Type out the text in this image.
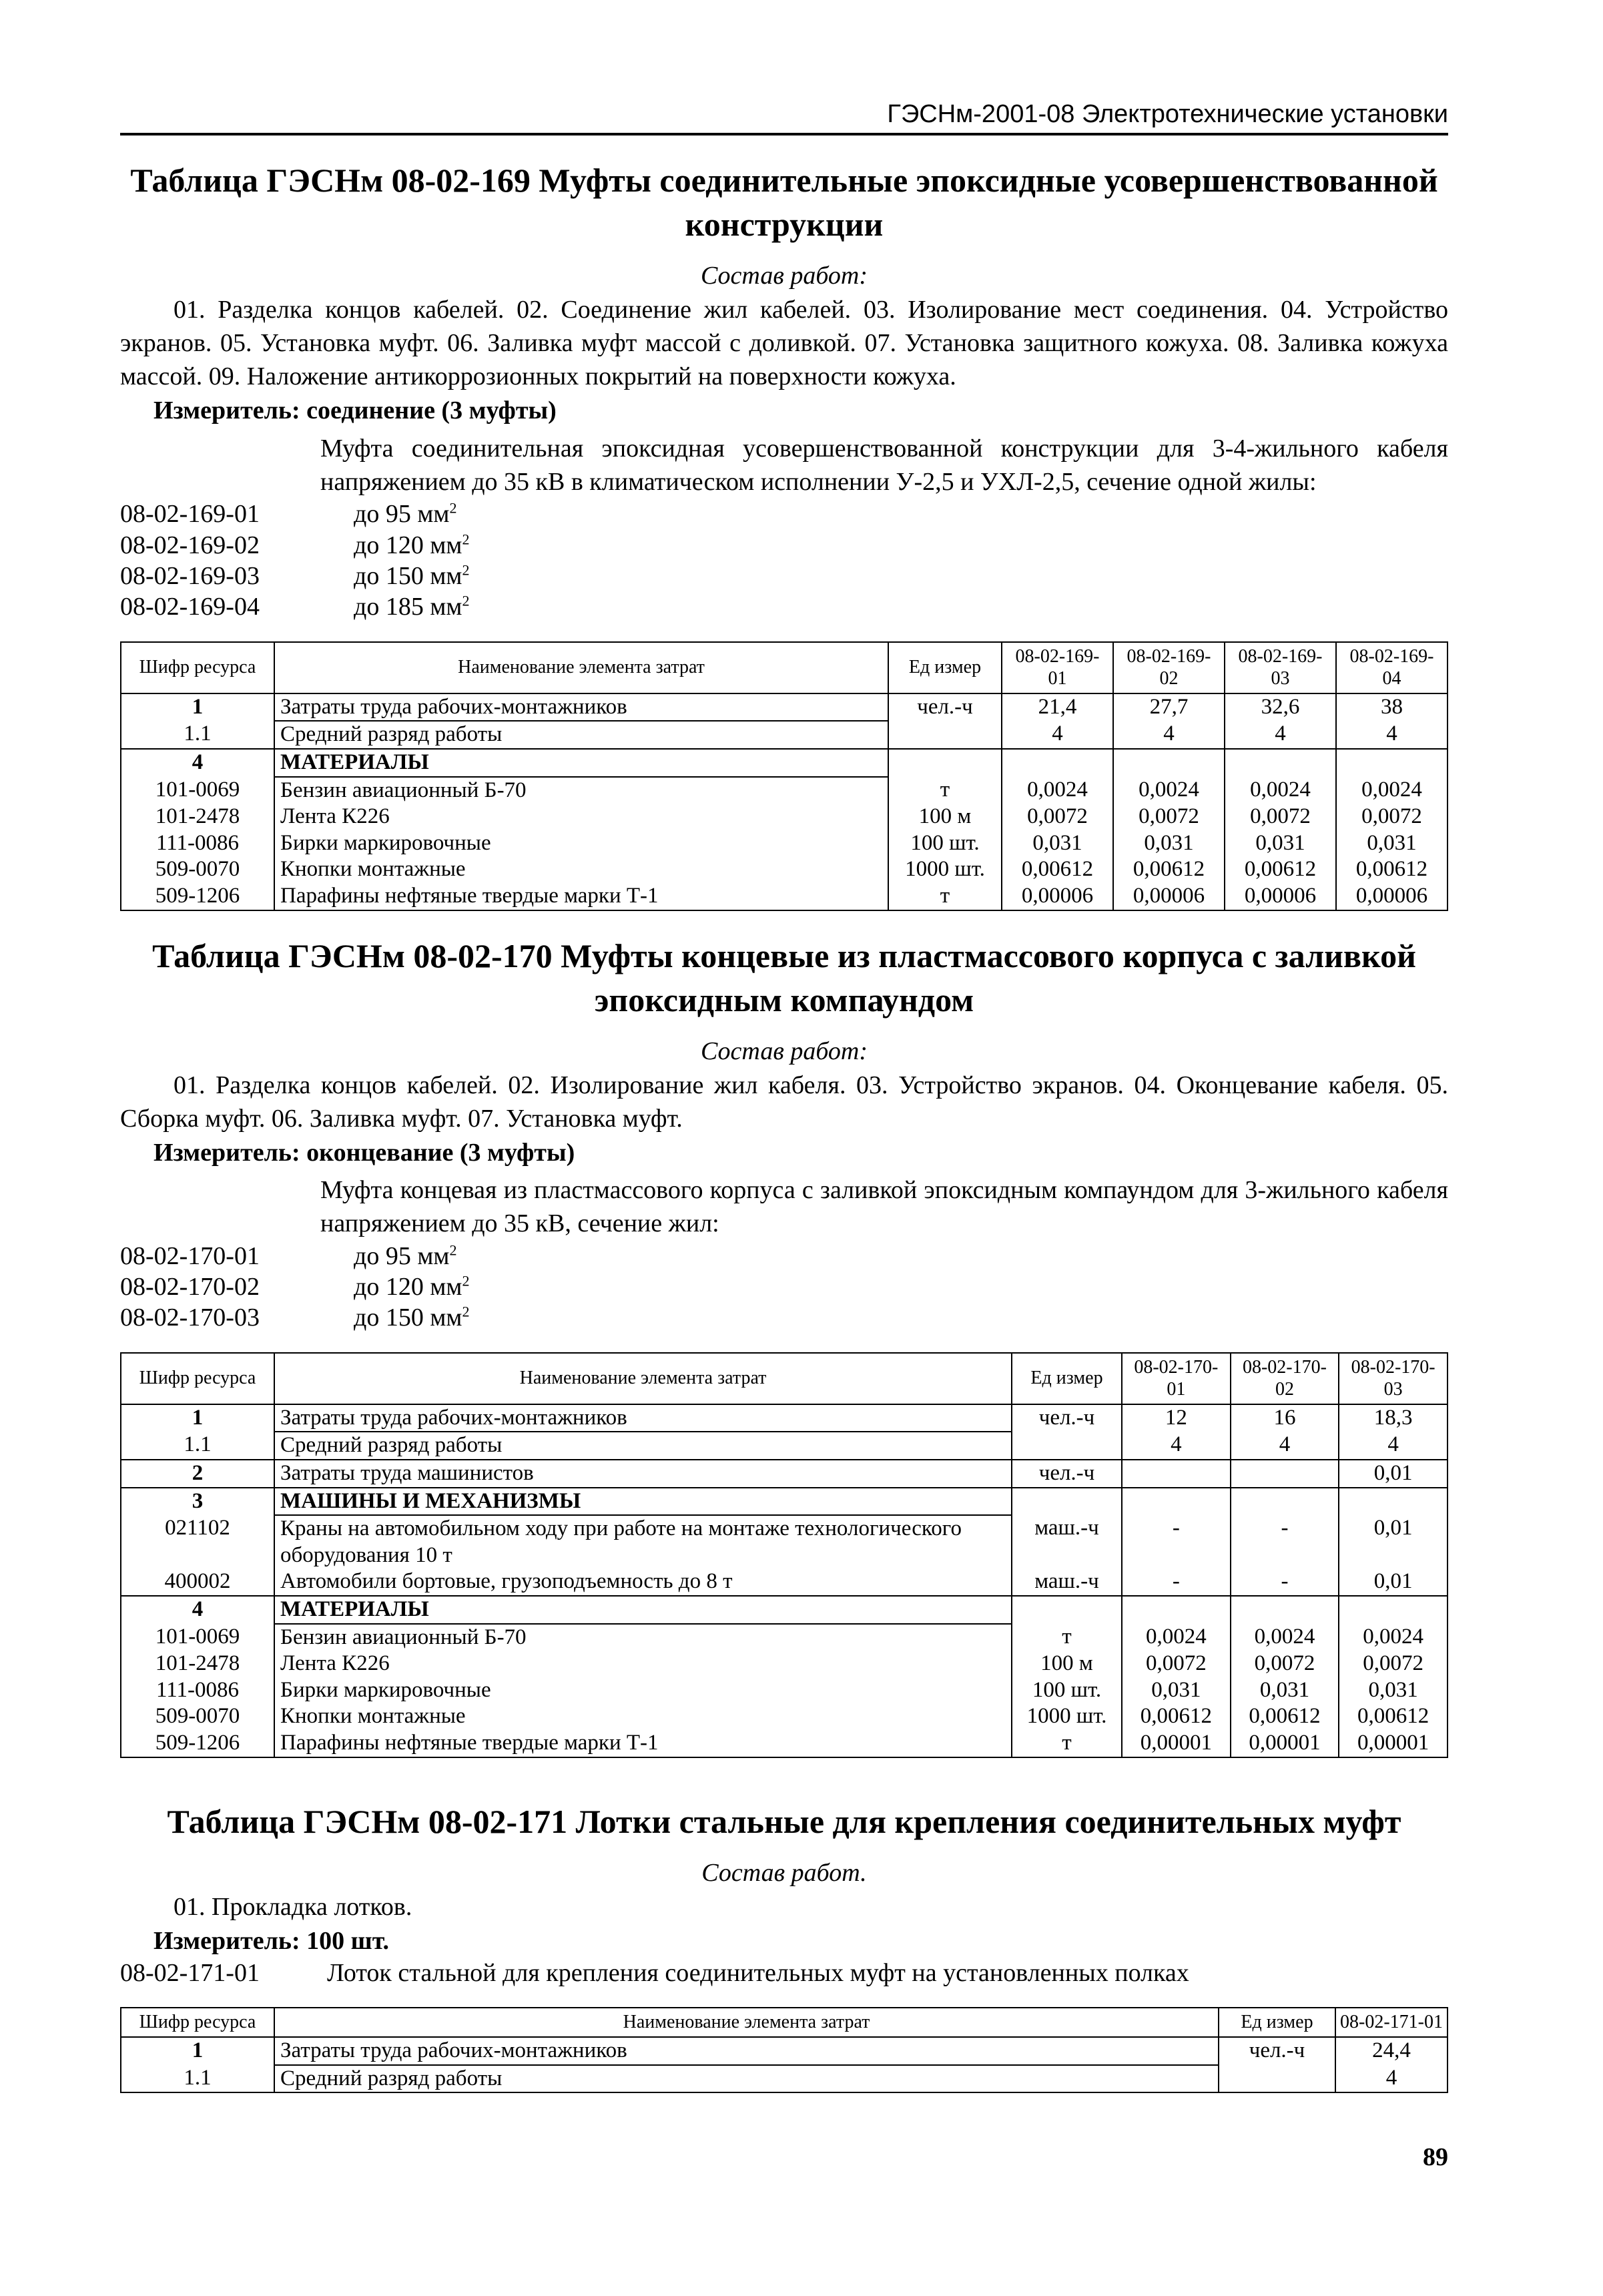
ГЭСНм-2001-08 Электротехнические установки
Таблица ГЭСНм 08-02-169 Муфты соединительные эпоксидные усовершенствованной конструкции
Состав работ:

01. Разделка концов кабелей. 02. Соединение жил кабелей. 03. Изолирование мест соединения. 04. Устройство экранов. 05. Установка муфт. 06. Заливка муфт массой с доливкой. 07. Установка защитного кожуха. 08. Заливка кожуха массой. 09. Наложение антикоррозионных покрытий на поверхности кожуха.

Измеритель: соединение (3 муфты)

Муфта соединительная эпоксидная усовершенствованной конструкции для 3-4-жильного кабеля напряжением до 35 кВ в климатическом исполнении У-2,5 и УХЛ-2,5, сечение одной жилы:

08-02-169-01	до 95 $мм^2$
08-02-169-02	до 120 $мм^2$
08-02-169-03	до 150 $мм^2$
08-02-169-04	до 185 $мм^2$
Шифр ресурса	Наименование элемента затрат	Ед измер	08-02-169-01	08-02-169-02	08-02-169-03	08-02-169-04
1	Затраты труда рабочих-монтажников	чел.-ч	21,4	27,7	32,6	38
1.1	Средний разряд работы		4	4	4	4
4	МАТЕРИАЛЫ					
101-0069	Бензин авиационный Б-70	т	0,0024	0,0024	0,0024	0,0024
101-2478	Лента К226	100 м	0,0072	0,0072	0,0072	0,0072
111-0086	Бирки маркировочные	100 шт.	0,031	0,031	0,031	0,031
509-0070	Кнопки монтажные	1000 шт.	0,00612	0,00612	0,00612	0,00612
509-1206	Парафины нефтяные твердые марки Т-1	т	0,00006	0,00006	0,00006	0,00006
Таблица ГЭСНм 08-02-170 Муфты концевые из пластмассового корпуса с заливкой эпоксидным компаундом
Состав работ:

01. Разделка концов кабелей. 02. Изолирование жил кабеля. 03. Устройство экранов. 04. Оконцевание кабеля. 05. Сборка муфт. 06. Заливка муфт. 07. Установка муфт.

Измеритель: оконцевание (3 муфты)

Муфта концевая из пластмассового корпуса с заливкой эпоксидным компаундом для 3-жильного кабеля напряжением до 35 кВ, сечение жил:

08-02-170-01	до 95 $мм^2$
08-02-170-02	до 120 $мм^2$
08-02-170-03	до 150 $мм^2$
Шифр ресурса	Наименование элемента затрат	Ед измер	08-02-170-01	08-02-170-02	08-02-170-03
1	Затраты труда рабочих-монтажников	чел.-ч	12	16	18,3
1.1	Средний разряд работы		4	4	4
2	Затраты труда машинистов	чел.-ч			0,01
3	МАШИНЫ И МЕХАНИЗМЫ				
021102	Краны на автомобильном ходу при работе на монтаже технологического оборудования 10 т	маш.-ч	-	-	0,01
400002	Автомобили бортовые, грузоподъемность до 8 т	маш.-ч	-	-	0,01
4	МАТЕРИАЛЫ				
101-0069	Бензин авиационный Б-70	т	0,0024	0,0024	0,0024
101-2478	Лента К226	100 м	0,0072	0,0072	0,0072
111-0086	Бирки маркировочные	100 шт.	0,031	0,031	0,031
509-0070	Кнопки монтажные	1000 шт.	0,00612	0,00612	0,00612
509-1206	Парафины нефтяные твердые марки Т-1	т	0,00001	0,00001	0,00001
Таблица ГЭСНм 08-02-171 Лотки стальные для крепления соединительных муфт
Состав работ.

01. Прокладка лотков.

Измеритель: 100 шт.
08-02-171-01	Лоток стальной для крепления соединительных муфт на установленных полках
Шифр ресурса	Наименование элемента затрат	Ед измер	08-02-171-01
1	Затраты труда рабочих-монтажников	чел.-ч	24,4
1.1	Средний разряд работы		4
89
